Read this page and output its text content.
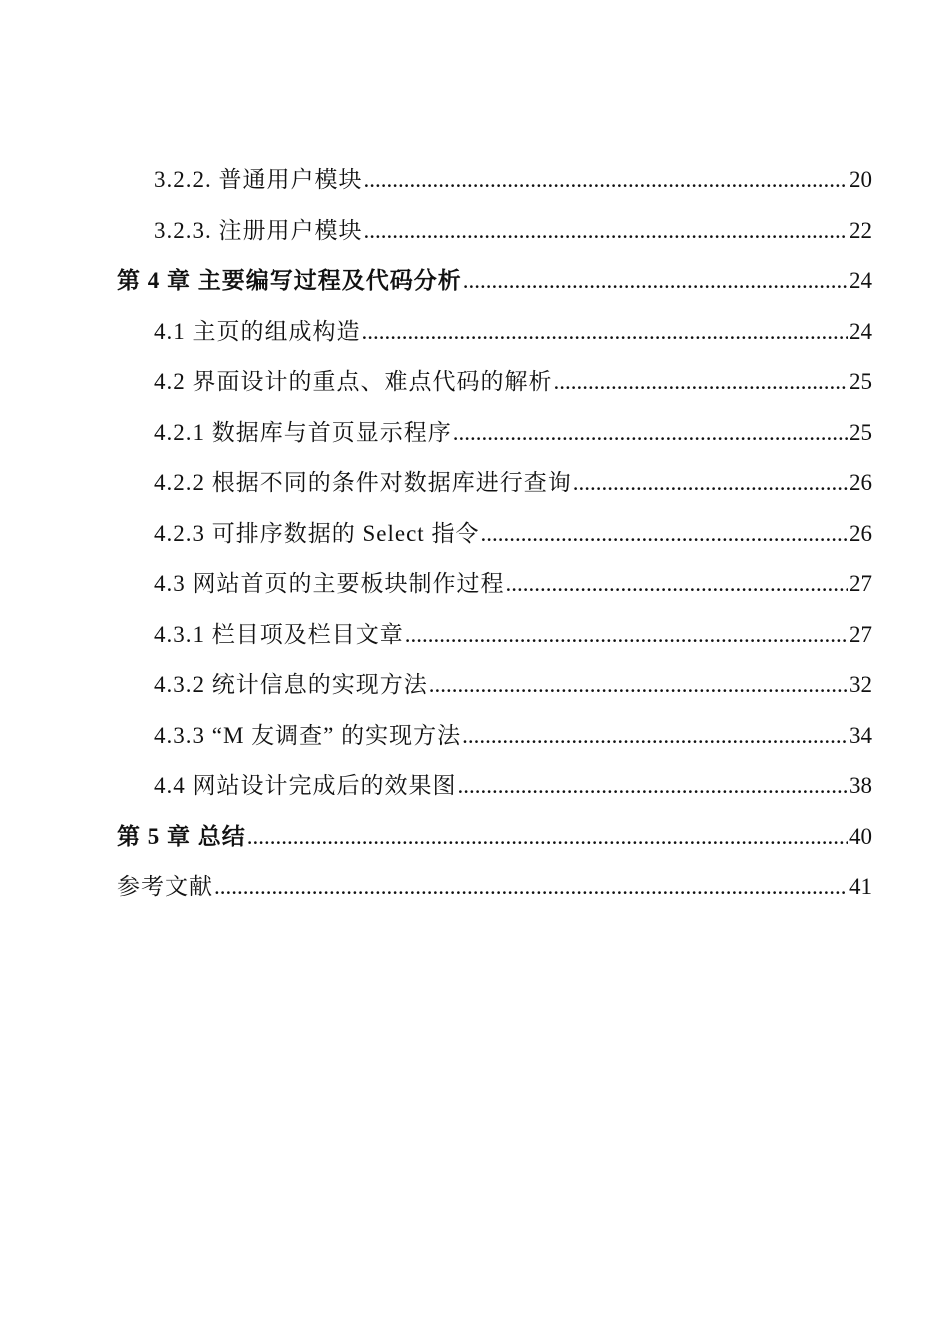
3.2.2. 普通用户模块 .....	20
3.2.3. 注册用户模块 .....	22
第 4 章 主要编写过程及代码分析 .....	24
4.1 主页的组成构造 .....	24
4.2 界面设计的重点、难点代码的解析 .....	25
4.2.1 数据库与首页显示程序 .....	25
4.2.2 根据不同的条件对数据库进行查询 .....	26
4.2.3 可排序数据的 Select 指令 .....	26
4.3 网站首页的主要板块制作过程 .....	27
4.3.1 栏目项及栏目文章 .....	27
4.3.2 统计信息的实现方法 .....	32
4.3.3 “M 友调查” 的实现方法 .....	34
4.4 网站设计完成后的效果图 .....	38
第 5 章 总结 .....	40
参考文献 .....	41
